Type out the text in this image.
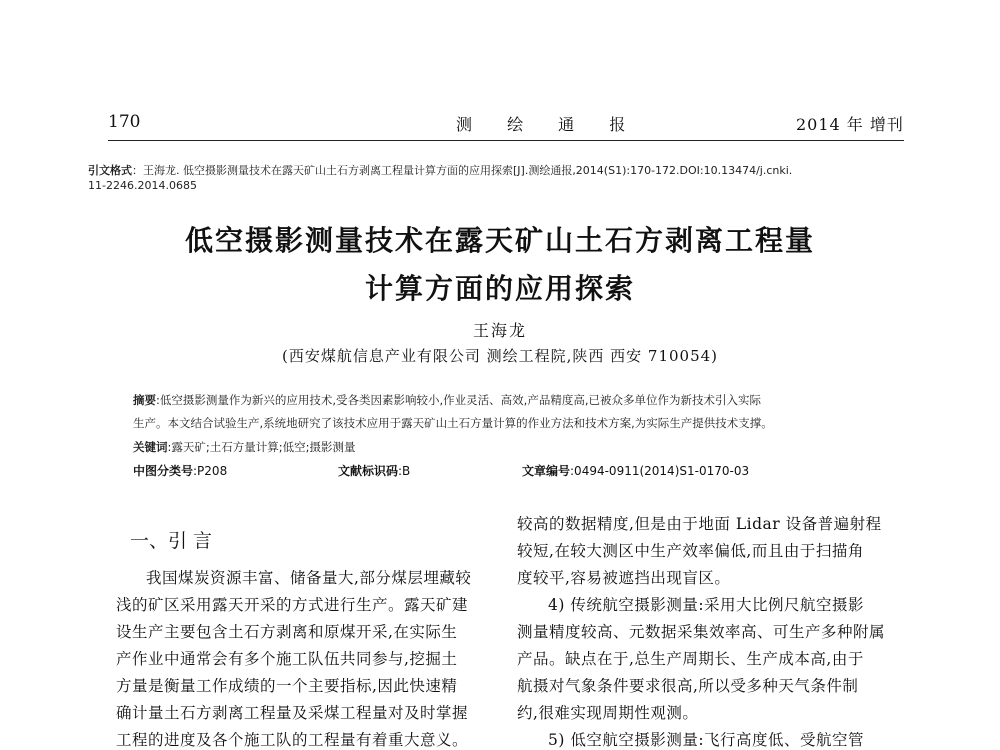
170	测 绘 通 报	2014 年 增刊
引文格式：王海龙. 低空摄影测量技术在露天矿山土石方剥离工程量计算方面的应用探索[J].测绘通报,2014(S1):170-172.DOI:10.13474/j.cnki.
11-2246.2014.0685
低空摄影测量技术在露天矿山土石方剥离工程量
计算方面的应用探索
王海龙
(西安煤航信息产业有限公司 测绘工程院,陕西 西安 710054)
摘要:低空摄影测量作为新兴的应用技术,受各类因素影响较小,作业灵活、高效,产品精度高,已被众多单位作为新技术引入实际
生产。本文结合试验生产,系统地研究了该技术应用于露天矿山土石方量计算的作业方法和技术方案,为实际生产提供技术支撑。
关键词:露天矿;土石方量计算;低空;摄影测量
中图分类号:P208	文献标识码:B	文章编号:0494-0911(2014)S1-0170-03
一、引 言
我国煤炭资源丰富、储备量大,部分煤层埋藏较
浅的矿区采用露天开采的方式进行生产。露天矿建
设生产主要包含土石方剥离和原煤开采,在实际生
产作业中通常会有多个施工队伍共同参与,挖掘土
方量是衡量工作成绩的一个主要指标,因此快速精
确计量土石方剥离工程量及采煤工程量对及时掌握
工程的进度及各个施工队的工程量有着重大意义。
较高的数据精度,但是由于地面 Lidar 设备普遍射程
较短,在较大测区中生产效率偏低,而且由于扫描角
度较平,容易被遮挡出现盲区。
4) 传统航空摄影测量:采用大比例尺航空摄影
测量精度较高、元数据采集效率高、可生产多种附属
产品。缺点在于,总生产周期长、生产成本高,由于
航摄对气象条件要求很高,所以受多种天气条件制
约,很难实现周期性观测。
5) 低空航空摄影测量:飞行高度低、受航空管
